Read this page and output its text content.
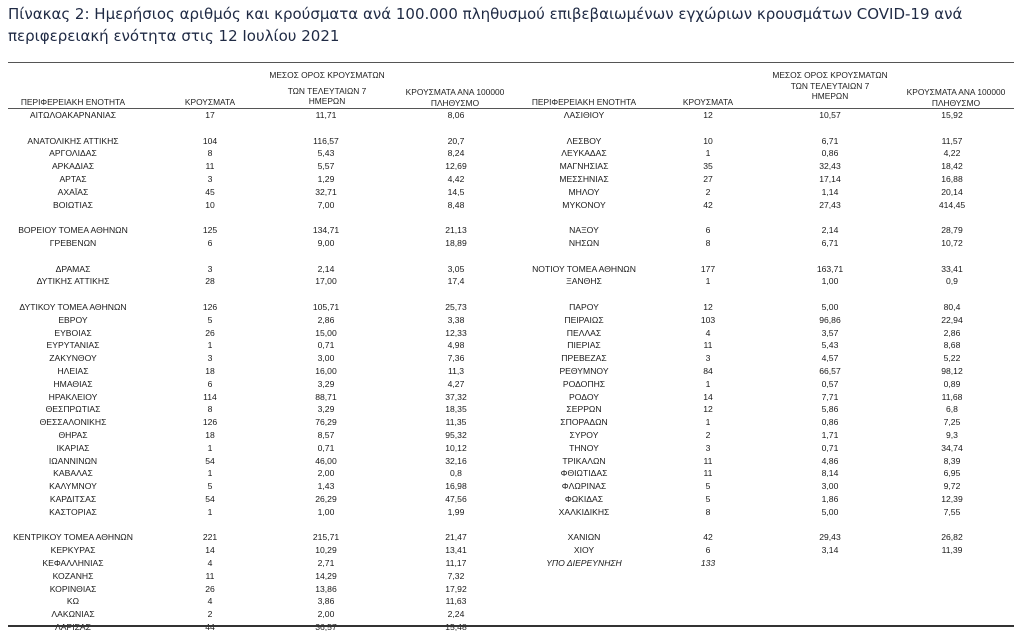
Πίνακας 2: Ημερήσιος αριθμός και κρούσματα ανά 100.000 πληθυσμού επιβεβαιωμένων εγχώριων κρουσμάτων COVID-19 ανά περιφερειακή ενότητα στις 12 Ιουλίου 2021
ΠΕΡΙΦΕΡΕΙΑΚΗ ΕΝΟΤΗΤΑ	ΚΡΟΥΣΜΑΤΑ
ΜΕΣΟΣ ΟΡΟΣ ΚΡΟΥΣΜΑΤΩΝ
ΤΩΝ ΤΕΛΕΥΤΑΙΩΝ 7
ΗΜΕΡΩΝ
ΚΡΟΥΣΜΑΤΑ ΑΝΑ 100000
ΠΛΗΘΥΣΜΟ	ΠΕΡΙΦΕΡΕΙΑΚΗ ΕΝΟΤΗΤΑ	ΚΡΟΥΣΜΑΤΑ
ΜΕΣΟΣ ΟΡΟΣ ΚΡΟΥΣΜΑΤΩΝ
ΤΩΝ ΤΕΛΕΥΤΑΙΩΝ 7
ΗΜΕΡΩΝ	ΚΡΟΥΣΜΑΤΑ ΑΝΑ 100000
ΠΛΗΘΥΣΜΟ
ΑΙΤΩΛΟΑΚΑΡΝΑΝΙΑΣ	17	11,71	8,06
ΑΝΑΤΟΛΙΚΗΣ ΑΤΤΙΚΗΣ	104	116,57	20,7
ΑΡΓΟΛΙΔΑΣ	8	5,43	8,24
ΑΡΚΑΔΙΑΣ	11	5,57	12,69
ΑΡΤΑΣ	3	1,29	4,42
ΑΧΑΪΑΣ	45	32,71	14,5
ΒΟΙΩΤΙΑΣ	10	7,00	8,48
ΒΟΡΕΙΟΥ ΤΟΜΕΑ ΑΘΗΝΩΝ	125	134,71	21,13
ΓΡΕΒΕΝΩΝ	6	9,00	18,89
ΔΡΑΜΑΣ	3	2,14	3,05
ΔΥΤΙΚΗΣ ΑΤΤΙΚΗΣ	28	17,00	17,4
ΔΥΤΙΚΟΥ ΤΟΜΕΑ ΑΘΗΝΩΝ	126	105,71	25,73
ΕΒΡΟΥ	5	2,86	3,38
ΕΥΒΟΙΑΣ	26	15,00	12,33
ΕΥΡΥΤΑΝΙΑΣ	1	0,71	4,98
ΖΑΚΥΝΘΟΥ	3	3,00	7,36
ΗΛΕΙΑΣ	18	16,00	11,3
ΗΜΑΘΙΑΣ	6	3,29	4,27
ΗΡΑΚΛΕΙΟΥ	114	88,71	37,32
ΘΕΣΠΡΩΤΙΑΣ	8	3,29	18,35
ΘΕΣΣΑΛΟΝΙΚΗΣ	126	76,29	11,35
ΘΗΡΑΣ	18	8,57	95,32
ΙΚΑΡΙΑΣ	1	0,71	10,12
ΙΩΑΝΝΙΝΩΝ	54	46,00	32,16
ΚΑΒΑΛΑΣ	1	2,00	0,8
ΚΑΛΥΜΝΟΥ	5	1,43	16,98
ΚΑΡΔΙΤΣΑΣ	54	26,29	47,56
ΚΑΣΤΟΡΙΑΣ	1	1,00	1,99
ΚΕΝΤΡΙΚΟΥ ΤΟΜΕΑ ΑΘΗΝΩΝ	221	215,71	21,47
ΚΕΡΚΥΡΑΣ	14	10,29	13,41
ΚΕΦΑΛΛΗΝΙΑΣ	4	2,71	11,17
ΚΟΖΑΝΗΣ	11	14,29	7,32
ΚΟΡΙΝΘΙΑΣ	26	13,86	17,92
ΚΩ	4	3,86	11,63
ΛΑΚΩΝΙΑΣ	2	2,00	2,24
ΛΑΡΙΣΑΣ	44	36,57	15,48
ΛΑΣΙΘΙΟΥ	12	10,57	15,92
ΛΕΣΒΟΥ	10	6,71	11,57
ΛΕΥΚΑΔΑΣ	1	0,86	4,22
ΜΑΓΝΗΣΙΑΣ	35	32,43	18,42
ΜΕΣΣΗΝΙΑΣ	27	17,14	16,88
ΜΗΛΟΥ	2	1,14	20,14
ΜΥΚΟΝΟΥ	42	27,43	414,45
ΝΑΞΟΥ	6	2,14	28,79
ΝΗΣΩΝ	8	6,71	10,72
ΝΟΤΙΟΥ ΤΟΜΕΑ ΑΘΗΝΩΝ	177	163,71	33,41
ΞΑΝΘΗΣ	1	1,00	0,9
ΠΑΡΟΥ	12	5,00	80,4
ΠΕΙΡΑΙΩΣ	103	96,86	22,94
ΠΕΛΛΑΣ	4	3,57	2,86
ΠΙΕΡΙΑΣ	11	5,43	8,68
ΠΡΕΒΕΖΑΣ	3	4,57	5,22
ΡΕΘΥΜΝΟΥ	84	66,57	98,12
ΡΟΔΟΠΗΣ	1	0,57	0,89
ΡΟΔΟΥ	14	7,71	11,68
ΣΕΡΡΩΝ	12	5,86	6,8
ΣΠΟΡΑΔΩΝ	1	0,86	7,25
ΣΥΡΟΥ	2	1,71	9,3
ΤΗΝΟΥ	3	0,71	34,74
ΤΡΙΚΑΛΩΝ	11	4,86	8,39
ΦΘΙΩΤΙΔΑΣ	11	8,14	6,95
ΦΛΩΡΙΝΑΣ	5	3,00	9,72
ΦΩΚΙΔΑΣ	5	1,86	12,39
ΧΑΛΚΙΔΙΚΗΣ	8	5,00	7,55
ΧΑΝΙΩΝ	42	29,43	26,82
ΧΙΟΥ	6	3,14	11,39
ΥΠΟ ΔΙΕΡΕΥΝΗΣΗ	133
